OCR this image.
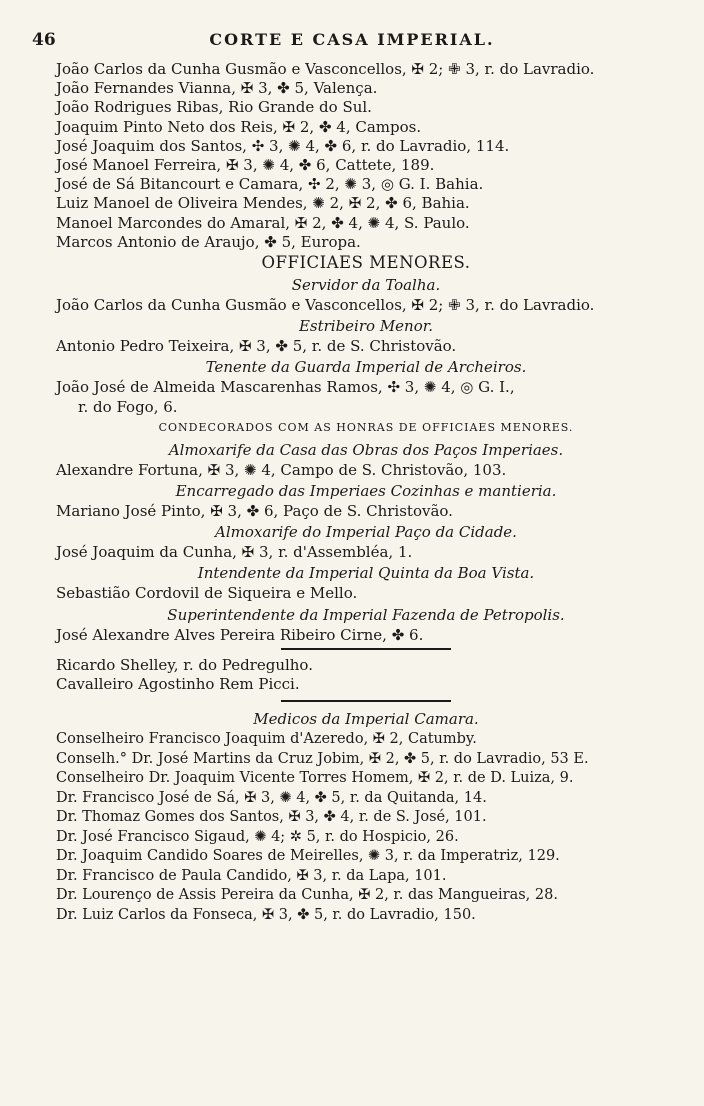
46	CORTE E CASA IMPERIAL.
João Carlos da Cunha Gusmão e Vasconcellos, ✠ 2; ✙ 3, r. do Lavradio.
João Fernandes Vianna, ✠ 3, ✤ 5, Valença.
João Rodrigues Ribas, Rio Grande do Sul.
Joaquim Pinto Neto dos Reis, ✠ 2, ✤ 4, Campos.
José Joaquim dos Santos, ✣ 3, ✺ 4, ✤ 6, r. do Lavradio, 114.
José Manoel Ferreira, ✠ 3, ✺ 4, ✤ 6, Cattete, 189.
José de Sá Bitancourt e Camara, ✣ 2, ✺ 3, ◎ G. I. Bahia.
Luiz Manoel de Oliveira Mendes, ✺ 2, ✠ 2, ✤ 6, Bahia.
Manoel Marcondes do Amaral, ✠ 2, ✤ 4, ✺ 4, S. Paulo.
Marcos Antonio de Araujo, ✤ 5, Europa.
OFFICIAES MENORES.
Servidor da Toalha.
João Carlos da Cunha Gusmão e Vasconcellos, ✠ 2; ✙ 3, r. do Lavradio.
Estribeiro Menor.
Antonio Pedro Teixeira, ✠ 3, ✤ 5, r. de S. Christovão.
Tenente da Guarda Imperial de Archeiros.
João José de Almeida Mascarenhas Ramos, ✣ 3, ✺ 4, ◎ G. I.,
r. do Fogo, 6.
CONDECORADOS COM AS HONRAS DE OFFICIAES MENORES.
Almoxarife da Casa das Obras dos Paços Imperiaes.
Alexandre Fortuna, ✠ 3, ✺ 4, Campo de S. Christovão, 103.
Encarregado das Imperiaes Cozinhas e mantieria.
Mariano José Pinto, ✠ 3, ✤ 6, Paço de S. Christovão.
Almoxarife do Imperial Paço da Cidade.
José Joaquim da Cunha, ✠ 3, r. d'Assembléa, 1.
Intendente da Imperial Quinta da Boa Vista.
Sebastião Cordovil de Siqueira e Mello.
Superintendente da Imperial Fazenda de Petropolis.
José Alexandre Alves Pereira Ribeiro Cirne, ✤ 6.
Ricardo Shelley, r. do Pedregulho.
Cavalleiro Agostinho Rem Picci.
Medicos da Imperial Camara.
Conselheiro Francisco Joaquim d'Azeredo, ✠ 2, Catumby.
Conselh.° Dr. José Martins da Cruz Jobim, ✠ 2, ✤ 5, r. do Lavradio, 53 E.
Conselheiro Dr. Joaquim Vicente Torres Homem, ✠ 2, r. de D. Luiza, 9.
Dr. Francisco José de Sá, ✠ 3, ✺ 4, ✤ 5, r. da Quitanda, 14.
Dr. Thomaz Gomes dos Santos, ✠ 3, ✤ 4, r. de S. José, 101.
Dr. José Francisco Sigaud, ✺ 4; ✲ 5, r. do Hospicio, 26.
Dr. Joaquim Candido Soares de Meirelles, ✺ 3, r. da Imperatriz, 129.
Dr. Francisco de Paula Candido, ✠ 3, r. da Lapa, 101.
Dr. Lourenço de Assis Pereira da Cunha, ✠ 2, r. das Mangueiras, 28.
Dr. Luiz Carlos da Fonseca, ✠ 3, ✤ 5, r. do Lavradio, 150.
